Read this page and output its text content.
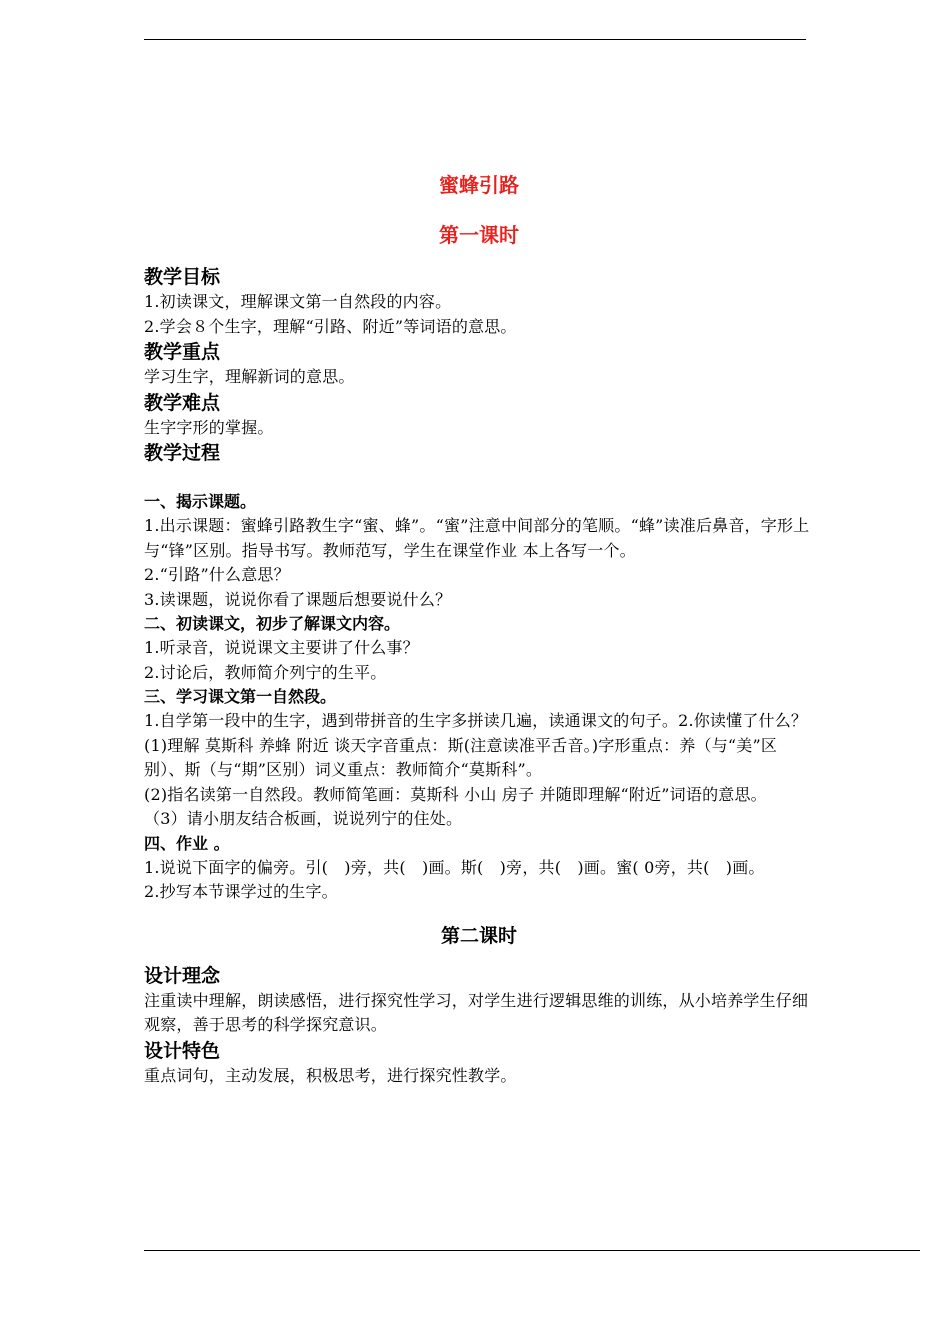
蜜蜂引路
第一课时
教学目标
1.初读课文，理解课文第一自然段的内容。
2.学会８个生字，理解“引路、附近”等词语的意思。
教学重点
学习生字，理解新词的意思。
教学难点
生字字形的掌握。
教学过程
一、揭示课题。
1.出示课题：蜜蜂引路教生字“蜜、蜂”。“蜜”注意中间部分的笔顺。“蜂”读准后鼻音，字形上与“锋”区别。指导书写。教师范写，学生在课堂作业 本上各写一个。
2.“引路”什么意思？
3.读课题，说说你看了课题后想要说什么？
二、初读课文，初步了解课文内容。
1.听录音，说说课文主要讲了什么事？
2.讨论后，教师简介列宁的生平。
三、学习课文第一自然段。
1.自学第一段中的生字，遇到带拼音的生字多拼读几遍，读通课文的句子。2.你读懂了什么？
(1)理解 莫斯科 养蜂 附近 谈天字音重点：斯(注意读准平舌音。)字形重点：养（与“美”区别）、斯（与“期”区别）词义重点：教师简介“莫斯科”。
(2)指名读第一自然段。教师简笔画：莫斯科 小山 房子 并随即理解“附近”词语的意思。
（3）请小朋友结合板画，说说列宁的住处。
四、作业 。
1.说说下面字的偏旁。引(　)旁，共(　)画。斯(　)旁，共(　)画。蜜( 0旁，共(　)画。
2.抄写本节课学过的生字。
第二课时
设计理念
注重读中理解，朗读感悟，进行探究性学习，对学生进行逻辑思维的训练，从小培养学生仔细观察，善于思考的科学探究意识。
设计特色
重点词句，主动发展，积极思考，进行探究性教学。
